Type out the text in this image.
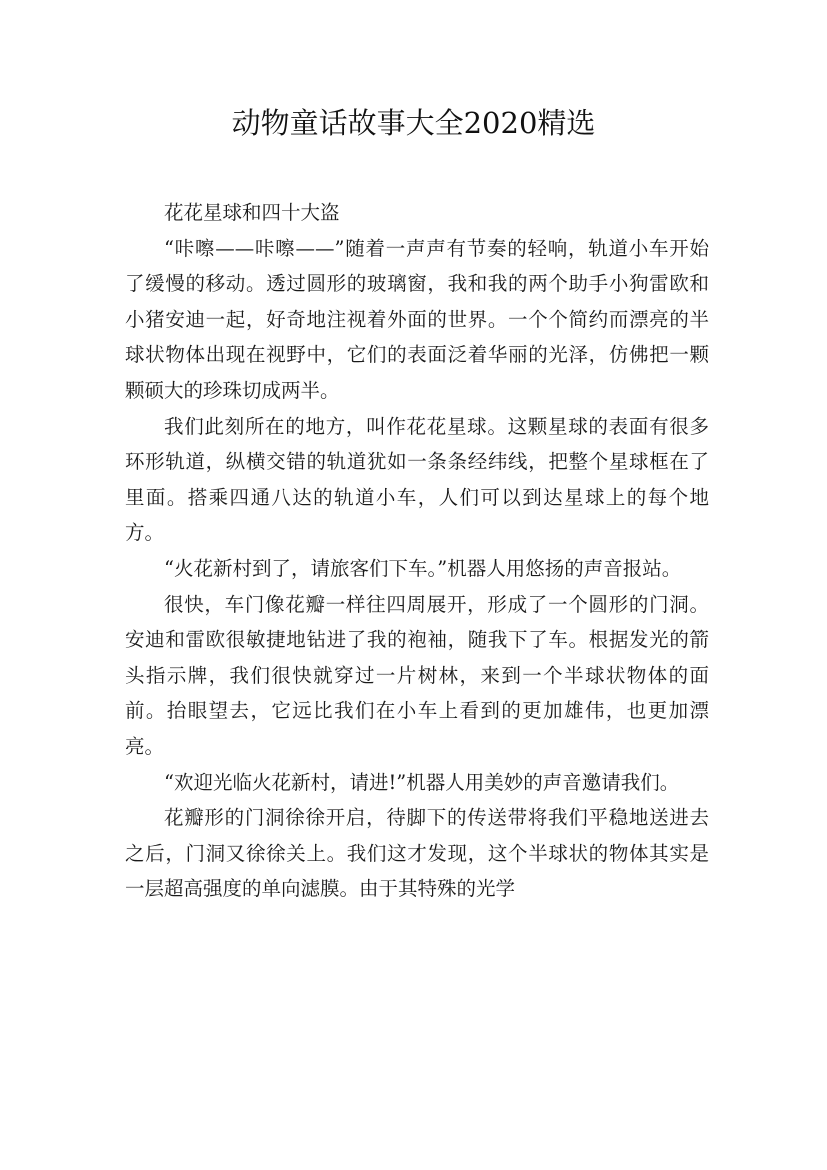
动物童话故事大全2020精选

花花星球和四十大盗

“咔嚓——咔嚓——”随着一声声有节奏的轻响，轨道小车开始了缓慢的移动。透过圆形的玻璃窗，我和我的两个助手小狗雷欧和小猪安迪一起，好奇地注视着外面的世界。一个个简约而漂亮的半球状物体出现在视野中，它们的表面泛着华丽的光泽，仿佛把一颗颗硕大的珍珠切成两半。

我们此刻所在的地方，叫作花花星球。这颗星球的表面有很多环形轨道，纵横交错的轨道犹如一条条经纬线，把整个星球框在了里面。搭乘四通八达的轨道小车，人们可以到达星球上的每个地方。

“火花新村到了，请旅客们下车。”机器人用悠扬的声音报站。

很快，车门像花瓣一样往四周展开，形成了一个圆形的门洞。安迪和雷欧很敏捷地钻进了我的袍袖，随我下了车。根据发光的箭头指示牌，我们很快就穿过一片树林，来到一个半球状物体的面前。抬眼望去，它远比我们在小车上看到的更加雄伟，也更加漂亮。

“欢迎光临火花新村，请进!”机器人用美妙的声音邀请我们。

花瓣形的门洞徐徐开启，待脚下的传送带将我们平稳地送进去之后，门洞又徐徐关上。我们这才发现，这个半球状的物体其实是一层超高强度的单向滤膜。由于其特殊的光学
